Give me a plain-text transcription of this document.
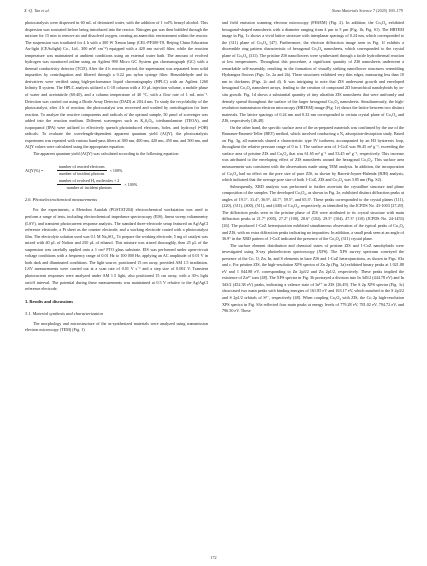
X.-Q. Tan et al.	Nano Materials Science 7 (2025) 169–179

photocatalysts were dispersed in 60 mL of deionized water, with the addition of 1 vol% benzyl alcohol. This dispersion was sonicated before being introduced into the reactor. Nitrogen gas was then bubbled through the mixture for 15 min to remove air and dissolved oxygen, creating an anaerobic environment within the reactor. The suspension was irradiated for 4 h with a 300 W Xenon lamp (CEL-PF300-T8, Beijing China Education Au-light (CEAulight) Co., Ltd., 300 mW cm⁻²) equipped with a 420 nm cut-off filter, while the reaction temperature was maintained at ambient conditions using an external water bath. The amount of evolved hydrogen was monitored online using an Agilent 990 Micro GC System gas chromatograph (GC) with a thermal conductivity detector (TCD). After the 4 h reaction period, the supernatant was separated from solid impurities by centrifugation and filtered through a 0.22 μm nylon syringe filter. Benzaldehyde and its derivatives were verified using high-performance liquid chromatography (HPLC) with an Agilent 1260 Infinity II system. The HPLC analysis utilized a C-18 column with a 10 μL injection volume, a mobile phase of water and acetonitrile (60:40), and a column temperature of 40 °C, with a flow rate of 1 mL min⁻¹. Detection was carried out using a Diode Array Detector (DAD) at 204.4 nm. To study the recyclability of the photocatalyst, after 4 h of reaction, the photocatalyst was recovered and washed by centrifugation for later reaction. To analyze the reactive components and radicals of the optimal sample, 50 μmol of scavenger was added into the reaction medium. Different scavengers such as K₂S₂O₈, triethanolamine (TEOA), and isopropanol (IPA) were utilized to effectively quench photoinduced electrons, holes, and hydroxyl (•OH) radicals. To evaluate the wavelength-dependent apparent quantum yield (AQY), the photocatalysis experiment was repeated with various band-pass filters at 380 nm, 400 nm, 420 nm, 450 nm, and 500 nm, and AQY values were calculated using the appropriate equation.

The apparent quantum yield (AQY) was calculated according to the following equation:

AQY(%) =	$\frac{\text{number of reacted electrons}}{\text{number of incident photons}} \times 100\%$
$\frac{\text{number of evolved H₂ molecules × 2}}{\text{number of incident photons}} \times 100\%$
2.6. Photoelectrochemical measurements

For the experiments, a Metrohm Autolab (PGSTAT204) electrochemical workstation was used to perform a range of tests, including electrochemical impedance spectroscopy (EIS), linear sweep voltammetry (LSV), and transient photocurrent response analysis. The standard three-electrode setup featured an Ag/AgCl reference electrode, a Pt sheet as the counter electrode, and a working electrode coated with a photocatalyst film. The electrolyte solution used was 0.1 M Na₂SO₄. To prepare the working electrode, 5 mg of catalyst was mixed with 40 μL of Nafion and 250 μL of ethanol. This mixture was stirred thoroughly, then 25 μL of the suspension was carefully applied onto a 1 cm² FTO glass substrate. EIS was performed under open-circuit voltage conditions with a frequency range of 0.01 Hz to 100 000 Hz, applying an AC amplitude of 0.01 V in both dark and illuminated conditions. The light source, positioned 15 cm away, provided AM 1.5 irradiation. LSV measurements were carried out at a scan rate of 0.01 V s⁻¹ and a step size of 0.002 V. Transient photocurrent responses were analyzed under AM 1.5 light, also positioned 15 cm away, with a 30-s light on/off interval. The potential during these measurements was maintained at 0.5 V relative to the Ag/AgCl reference electrode.

3. Results and discussions
3.1. Material synthesis and characterization

The morphology and microstructure of the as-synthesized materials were analyzed using transmission electron microscopy (TEM) (Fig. 1)

and field emission scanning electron microscopy (FESEM) (Fig. 2). In addition, the Co₃O₄ exhibited hexagonal-shaped nanosheets with a diameter ranging from 4 μm to 5 μm (Fig. 1b, Fig. S1). The HRTEM image in Fig. 1c shows a vivid lattice structure with interplanar spacings of 0.24 nm, which corresponded to the (311) plane of Co₃O₄ [47]. Furthermore, the electron diffraction image seen in Fig. 1f exhibits a discernible ring pattern characteristic of hexagonal Co₃O₄ nanosheets, which corresponded to the crystal plane of Co₃O₄ (311). The pristine ZIS nanoflowers were synthesized through a facile hydrothermal reaction at low temperatures. Throughout this procedure, a significant quantity of ZIS nanosheets underwent a remarkable self-assembly, resulting in the formation of visually striking nanoflower structures resembling Hydrangea flowers (Figs. 1e, 2a and 2b). These structures exhibited very thin edges, measuring less than 10 nm in thickness (Figs. 2c and d). It was intriguing to note that ZIS underwent growth and enveloped hexagonal Co₃O₄ nanosheet arrays, leading to the creation of compound 2D hierarchical nanohybrids by in-situ growth. Fig. 1d shows a substantial quantity of tiny ultrathin ZIS nanosheets that were uniformly and densely spread throughout the surface of the larger hexagonal Co₃O₄ nanosheets. Simultaneously, the high-resolution transmission electron microscopy (HRTEM) image (Fig. 1e) shows the lattice between two distinct materials. The lattice spacings of 0.24 nm and 0.32 nm corresponded to certain crystal plane of Co₃O₄ and ZIS, respectively [46,48].

On the other hand, the specific surface area of the as-prepared materials was confirmed by the use of the Brunauer-Emmett-Teller (BET) method, which involved conducting a N₂ adsorption-desorption study. Based on Fig. 3g, all materials shared a characteristic type IV isotherm, accompanied by an H3 hysteresis loop, throughout the relative pressure range of 0 to 1. The surface area of 1-CoZ was 96.45 m² g⁻¹, exceeding the surface area of pristine ZIS and Co₃O₄ that was 61.65 m² g⁻¹ and 53.45 m² g⁻¹, respectively. This increase was attributed to the enveloping effect of ZIS nanosheets around the hexagonal Co₃O₄. This surface area measurement was consistent with the observations made using TEM analysis. In addition, the incorporation of Co₃O₄ had no effect on the pore size of pure ZIS, as shown by Barrett-Joyner-Halenda (BJH) analysis, which indicated that the average pore size of both 1-CoZ, ZIS and Co₃O₄ was 3.85 nm (Fig. S2).

Subsequently, XRD analysis was performed to further ascertain the crystalline structure and phase composition of the samples. The developed Co₃O₄, as shown in Fig. 2e, exhibited distinct diffraction peaks at angles of 19.1°, 31.4°, 36.9°, 44.7°, 59.5°, and 65.3°. These peaks corresponded to the crystal planes (111), (220), (311), (400), (511), and (440) of Co₃O₄, respectively, as identified by the JCPDS No. 43-1003 [27,29]. The diffraction peaks seen in the pristine phase of ZIS were attributed to its crystal structure with main diffraction peaks at 21.7° (005), 27.2° (100), 28.6° (102), 29.5° (104), 47.3° (110) (JCPDS No. 24-1453) [26]. The produced 1-CoZ heterojunction exhibited simultaneous observation of the typical peaks of Co₃O₄ and ZIS, with no extra diffraction peaks indicating no impurities. In addition, a small peak seen at an angle of 36.9° in the XRD pattern of 1-CoZ indicated the presence of the Co₃O₄ (311) crystal plane.

The surface element distribution and chemical states of pristine ZIS and 1-CoZ nanohybrids were investigated using X-ray photoelectron spectroscopy (XPS). The XPS survey spectrum conveyed the presence of the Co, O, Zn, In, and S elements in bare ZIS and 1-CoZ heterojunctions, as shown in Figs. S3a and c. For pristine ZIS, the high-resolution XPS spectra of Zn 2p (Fig. 3a) exhibited binary peaks at 1 021.88 eV and 1 044.88 eV, corresponding to Zn 2p3/2 and Zn 2p1/2, respectively. These peaks implied the existence of Zn²⁺ ions [48]. The XPS spectra in Fig. 3b portrayed a division into In 3d5/2 (444.78 eV) and In 3d3/2 (452.38 eV) peaks, indicating a valence state of In³⁺ in ZIS [26,49]. The S 2p XPS spectra (Fig. 3c) showcased two main peaks with binding energies of 161.85 eV and 163.17 eV, which matched to the S 2p3/2 and S 2p1/2 orbitals of S²⁻, respectively [48]. When coupling Co₃O₄ with ZIS, the Co 2p high-resolution XPS spectra in Fig. S3e reflected four main peaks at energy levels of 779.28 eV, 781.02 eV, 794.72 eV, and 796.50 eV. These

172
